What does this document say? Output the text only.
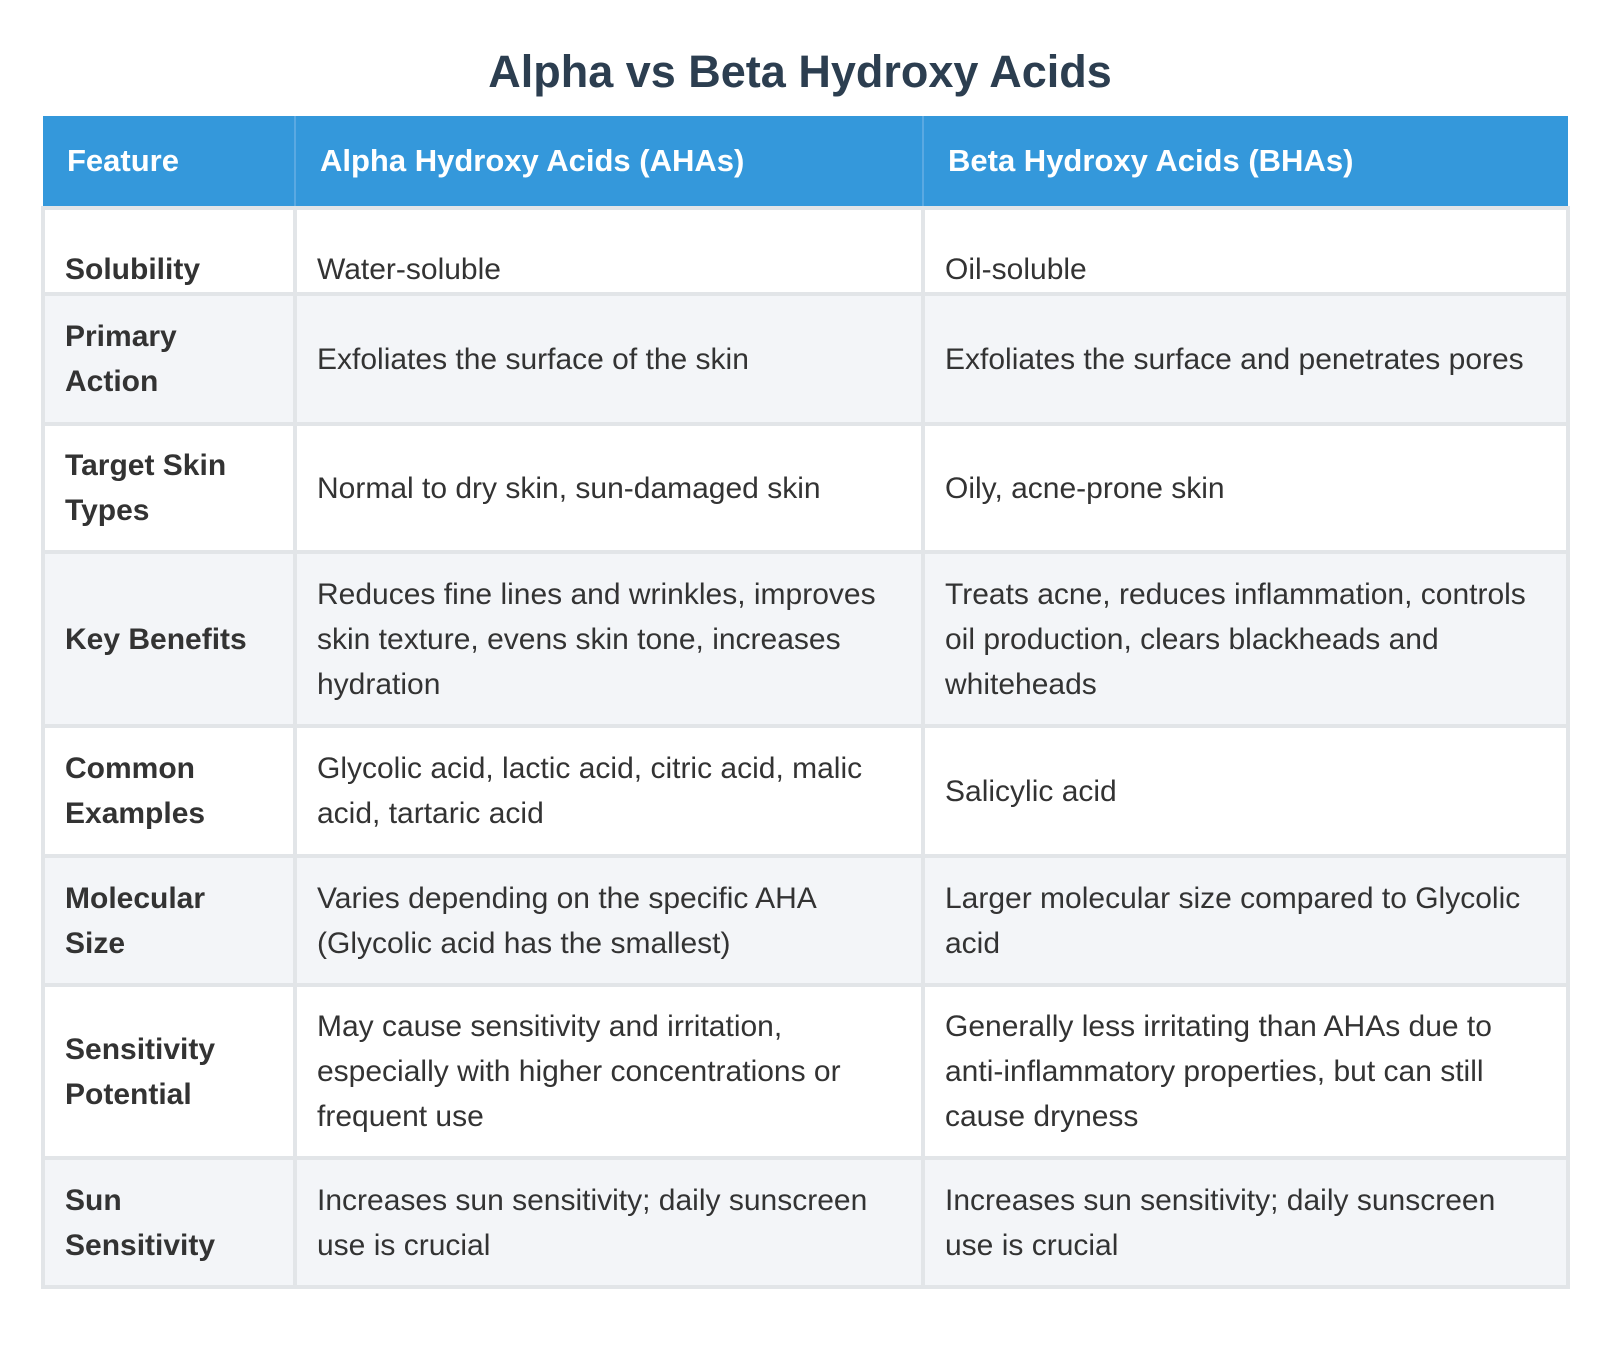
Alpha vs Beta Hydroxy Acids
Feature	Alpha Hydroxy Acids (AHAs)	Beta Hydroxy Acids (BHAs)
Solubility	Water-soluble	Oil-soluble
Primary Action	Exfoliates the surface of the skin	Exfoliates the surface and penetrates pores
Target Skin Types	Normal to dry skin, sun-damaged skin	Oily, acne-prone skin
Key Benefits	Reduces fine lines and wrinkles, improves skin texture, evens skin tone, increases hydration	Treats acne, reduces inflammation, controls oil production, clears blackheads and whiteheads
Common Examples	Glycolic acid, lactic acid, citric acid, malic acid, tartaric acid	Salicylic acid
Molecular Size	Varies depending on the specific AHA (Glycolic acid has the smallest)	Larger molecular size compared to Glycolic acid
Sensitivity Potential	May cause sensitivity and irritation, especially with higher concentrations or frequent use	Generally less irritating than AHAs due to anti-inflammatory properties, but can still cause dryness
Sun Sensitivity	Increases sun sensitivity; daily sunscreen use is crucial	Increases sun sensitivity; daily sunscreen use is crucial
